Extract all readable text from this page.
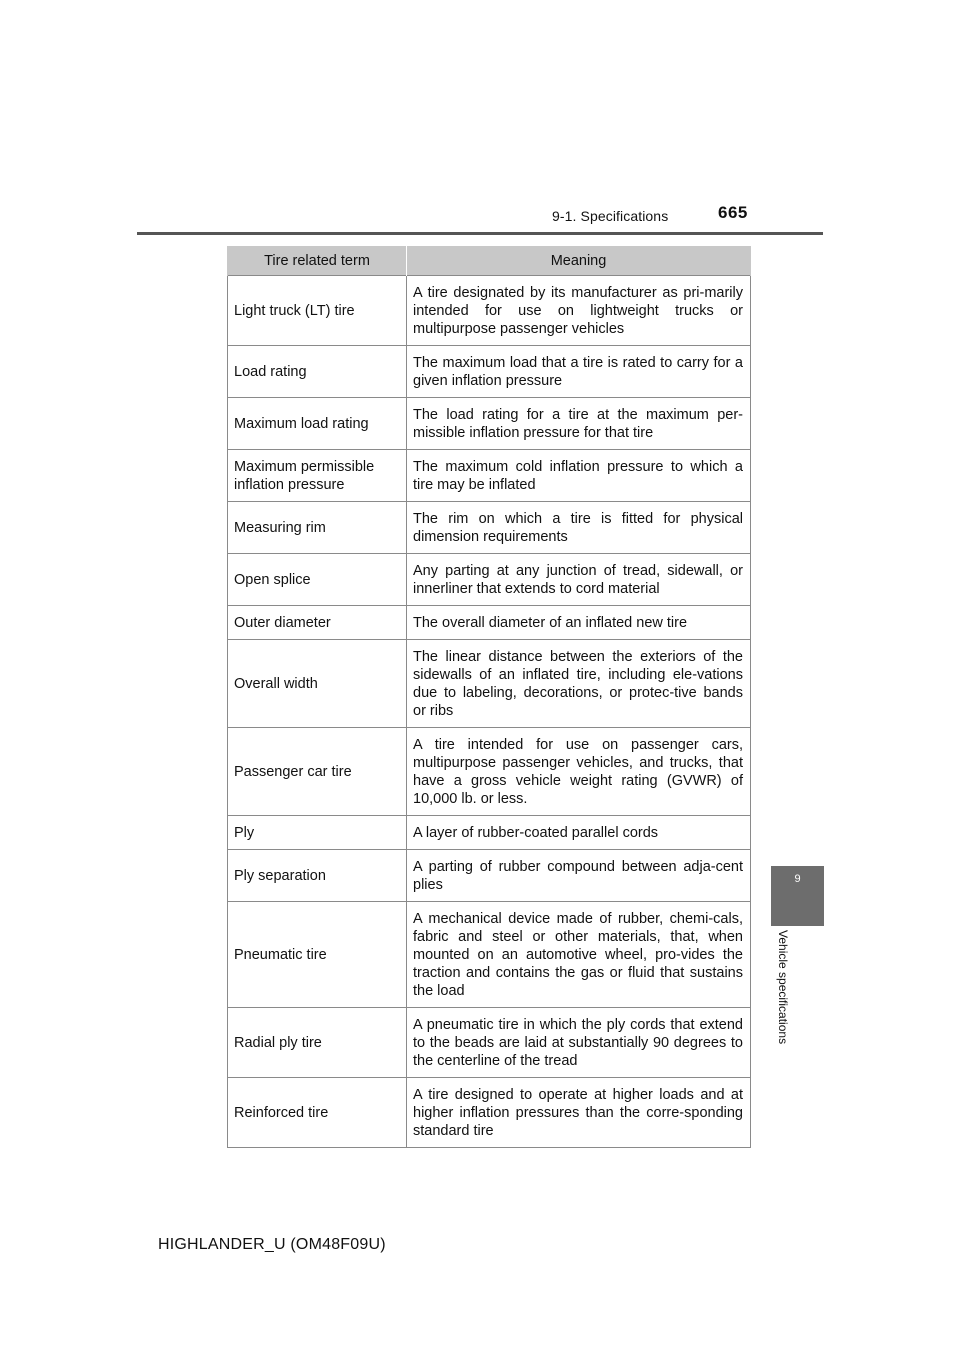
9-1. Specifications	665
9
Vehicle specifications
Tire related term	Meaning
Light truck (LT) tire	A tire designated by its manufacturer as pri-marily intended for use on lightweight trucks or multipurpose passenger vehicles
Load rating	The maximum load that a tire is rated to carry for a given inflation pressure
Maximum load rating	The load rating for a tire at the maximum per-missible inflation pressure for that tire
Maximum permissible inflation pressure	The maximum cold inflation pressure to which a tire may be inflated
Measuring rim	The rim on which a tire is fitted for physical dimension requirements
Open splice	Any parting at any junction of tread, sidewall, or innerliner that extends to cord material
Outer diameter	The overall diameter of an inflated new tire
Overall width	The linear distance between the exteriors of the sidewalls of an inflated tire, including ele-vations due to labeling, decorations, or protec-tive bands or ribs
Passenger car tire	A tire intended for use on passenger cars, multipurpose passenger vehicles, and trucks, that have a gross vehicle weight rating (GVWR) of 10,000 lb. or less.
Ply	A layer of rubber-coated parallel cords
Ply separation	A parting of rubber compound between adja-cent plies
Pneumatic tire	A mechanical device made of rubber, chemi-cals, fabric and steel or other materials, that, when mounted on an automotive wheel, pro-vides the traction and contains the gas or fluid that sustains the load
Radial ply tire	A pneumatic tire in which the ply cords that extend to the beads are laid at substantially 90 degrees to the centerline of the tread
Reinforced tire	A tire designed to operate at higher loads and at higher inflation pressures than the corre-sponding standard tire
HIGHLANDER_U (OM48F09U)
